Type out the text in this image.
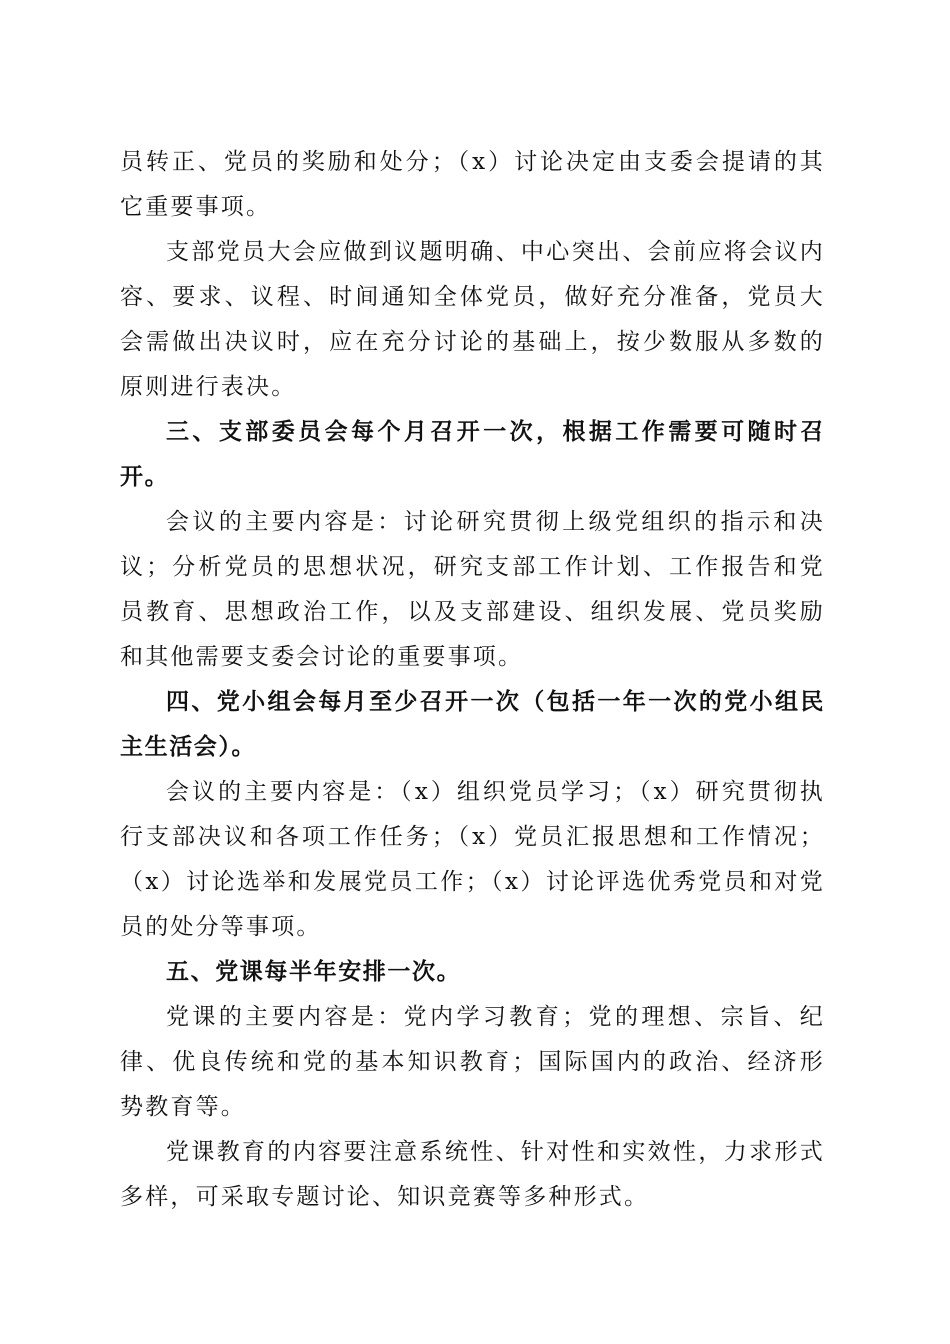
员转正、党员的奖励和处分；（x）讨论决定由支委会提请的其它重要事项。

支部党员大会应做到议题明确、中心突出、会前应将会议内容、要求、议程、时间通知全体党员，做好充分准备，党员大会需做出决议时，应在充分讨论的基础上，按少数服从多数的原则进行表决。

三、支部委员会每个月召开一次，根据工作需要可随时召开。

会议的主要内容是：讨论研究贯彻上级党组织的指示和决议；分析党员的思想状况，研究支部工作计划、工作报告和党员教育、思想政治工作，以及支部建设、组织发展、党员奖励和其他需要支委会讨论的重要事项。

四、党小组会每月至少召开一次（包括一年一次的党小组民主生活会）。

会议的主要内容是：（x）组织党员学习；（x）研究贯彻执行支部决议和各项工作任务；（x）党员汇报思想和工作情况；（x）讨论选举和发展党员工作；（x）讨论评选优秀党员和对党员的处分等事项。

五、党课每半年安排一次。

党课的主要内容是：党内学习教育；党的理想、宗旨、纪律、优良传统和党的基本知识教育；国际国内的政治、经济形势教育等。

党课教育的内容要注意系统性、针对性和实效性，力求形式多样，可采取专题讨论、知识竞赛等多种形式。
